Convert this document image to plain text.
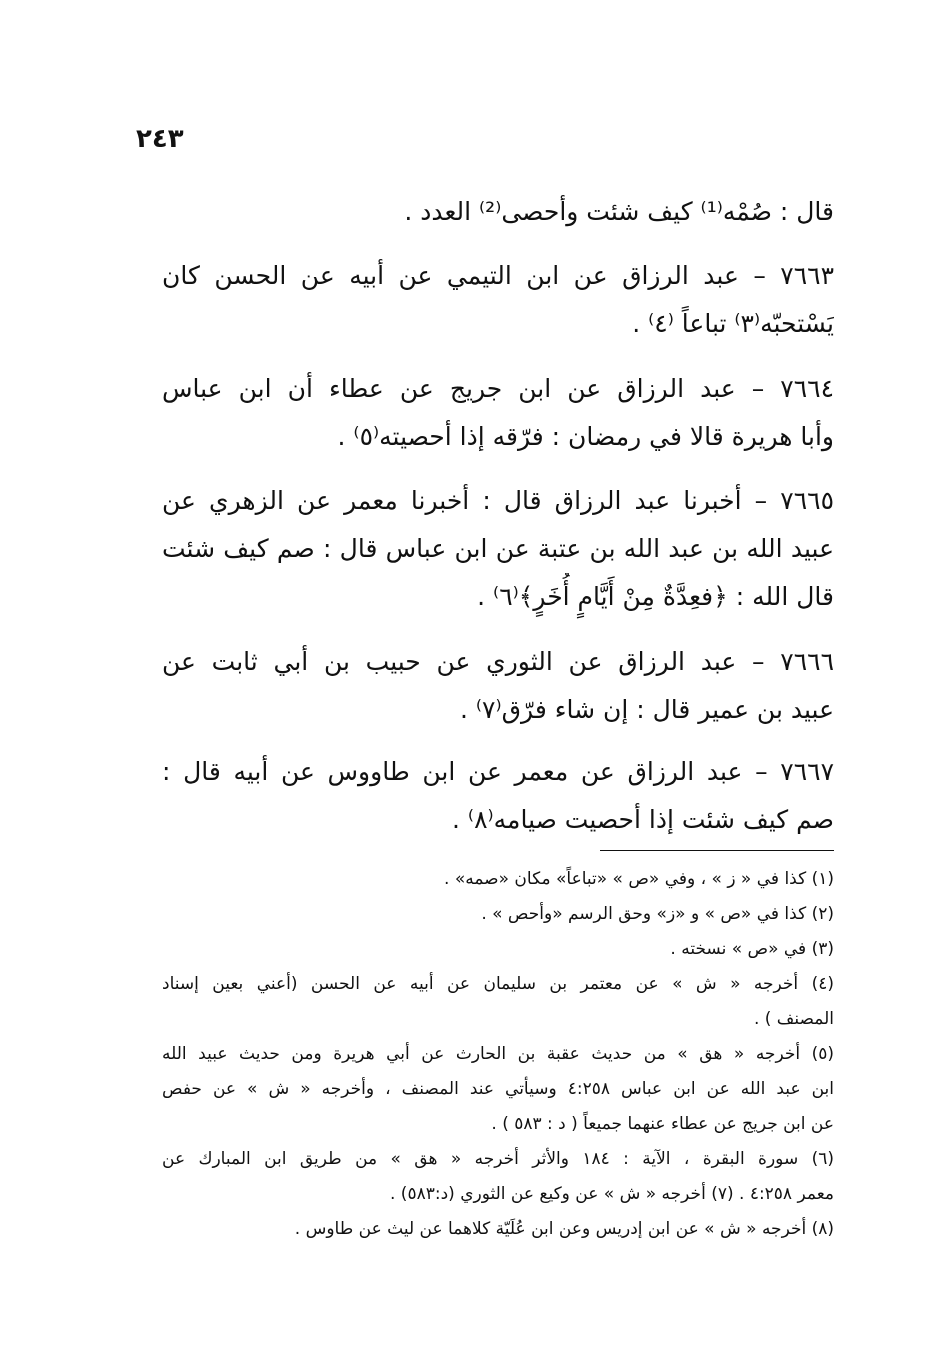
٢٤٣
قال : صُمْه⁽¹⁾ كيف شئت وأحصى⁽²⁾ العدد .
٧٦٦٣ – عبد الرزاق عن ابن التيمي عن أبيه عن الحسن كان
يَسْتحبّه⁽٣⁾ تباعاً ⁽٤⁾ .
٧٦٦٤ – عبد الرزاق عن ابن جريج عن عطاء أن ابن عباس
وأبا هريرة قالا في رمضان : فرّقه إذا أحصيته⁽٥⁾ .
٧٦٦٥ – أخبرنا عبد الرزاق قال : أخبرنا معمر عن الزهري عن
عبيد الله بن عبد الله بن عتبة عن ابن عباس قال : صم كيف شئت
قال الله : ﴿فعِدَّةٌ مِنْ أَيَّامٍ أُخَرٍ﴾⁽٦⁾ .
٧٦٦٦ – عبد الرزاق عن الثوري عن حبيب بن أبي ثابت عن
عبيد بن عمير قال : إن شاء فرّق⁽٧⁾ .
٧٦٦٧ – عبد الرزاق عن معمر عن ابن طاووس عن أبيه قال :
صم كيف شئت إذا أحصيت صيامه⁽٨⁾ .
(١) كذا في « ز » ، وفي «ص » «تباعاً» مكان «صمه» .
(٢) كذا في «ص » و «ز» وحق الرسم «وأحص » .
(٣) في «ص » نسخته .
(٤) أخرجه « ش » عن معتمر بن سليمان عن أبيه عن الحسن (أعني بعين إسناد
المصنف ) .
(٥) أخرجه « هق » من حديث عقبة بن الحارث عن أبي هريرة ومن حديث عبيد الله
ابن عبد الله عن ابن عباس ٤:٢٥٨ وسيأتي عند المصنف ، وأخرجه « ش » عن حفص
عن ابن جريج عن عطاء عنهما جميعاً ( د : ٥٨٣ ) .
(٦) سورة البقرة ، الآية : ١٨٤ والأثر أخرجه « هق » من طريق ابن المبارك عن
معمر ٤:٢٥٨ . (٧) أخرجه « ش » عن وكيع عن الثوري (د:٥٨٣) .
(٨) أخرجه « ش » عن ابن إدريس وعن ابن عُلَيّة كلاهما عن ليث عن طاوس .
